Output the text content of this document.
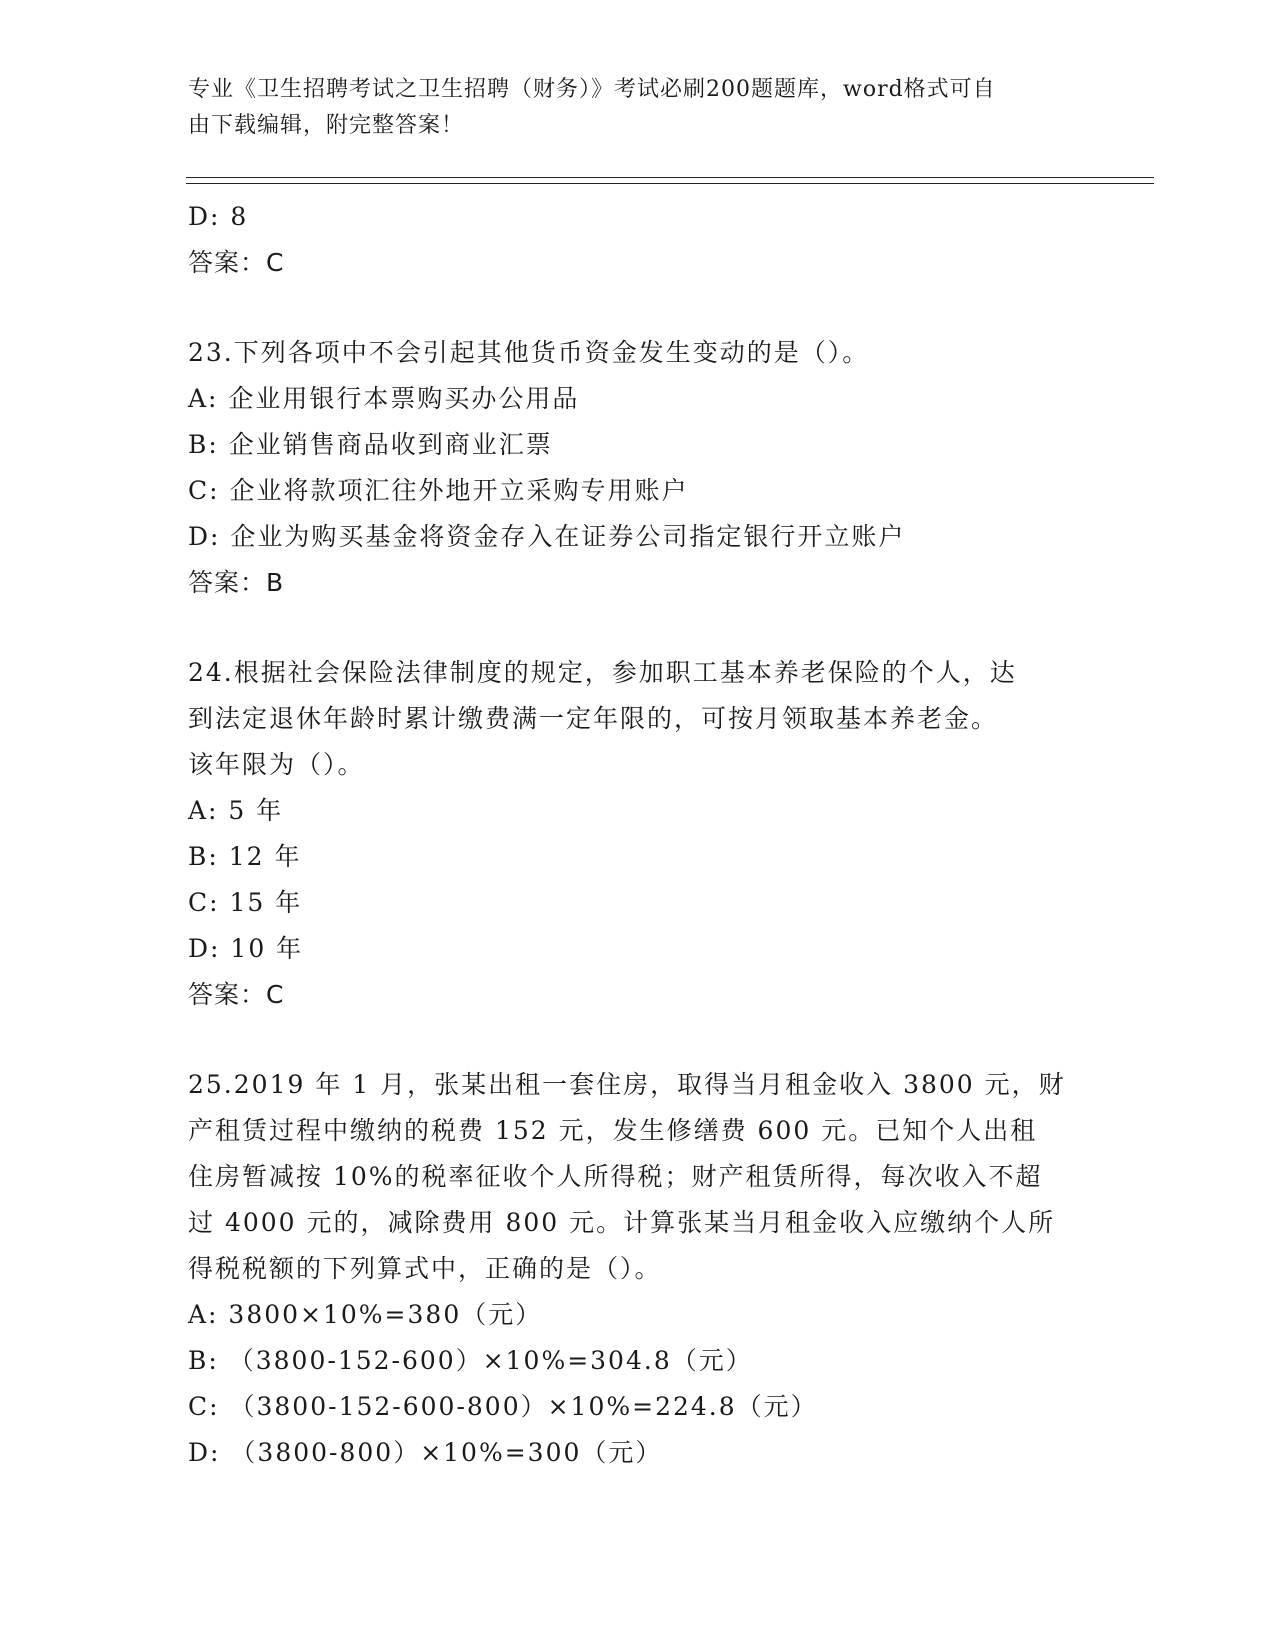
专业《卫生招聘考试之卫生招聘（财务）》考试必刷200题题库，word格式可自
由下载编辑，附完整答案！
D: 8
答案：C
23.下列各项中不会引起其他货币资金发生变动的是（）。
A: 企业用银行本票购买办公用品
B: 企业销售商品收到商业汇票
C: 企业将款项汇往外地开立采购专用账户
D: 企业为购买基金将资金存入在证券公司指定银行开立账户
答案：B
24.根据社会保险法律制度的规定，参加职工基本养老保险的个人，达
到法定退休年龄时累计缴费满一定年限的，可按月领取基本养老金。
该年限为（）。
A: 5 年
B: 12 年
C: 15 年
D: 10 年
答案：C
25.2019 年 1 月，张某出租一套住房，取得当月租金收入 3800 元，财
产租赁过程中缴纳的税费 152 元，发生修缮费 600 元。已知个人出租
住房暂减按 10%的税率征收个人所得税；财产租赁所得，每次收入不超
过 4000 元的，减除费用 800 元。计算张某当月租金收入应缴纳个人所
得税税额的下列算式中，正确的是（）。
A: 3800×10%=380（元）
B: （3800-152-600）×10%=304.8（元）
C: （3800-152-600-800）×10%=224.8（元）
D: （3800-800）×10%=300（元）
